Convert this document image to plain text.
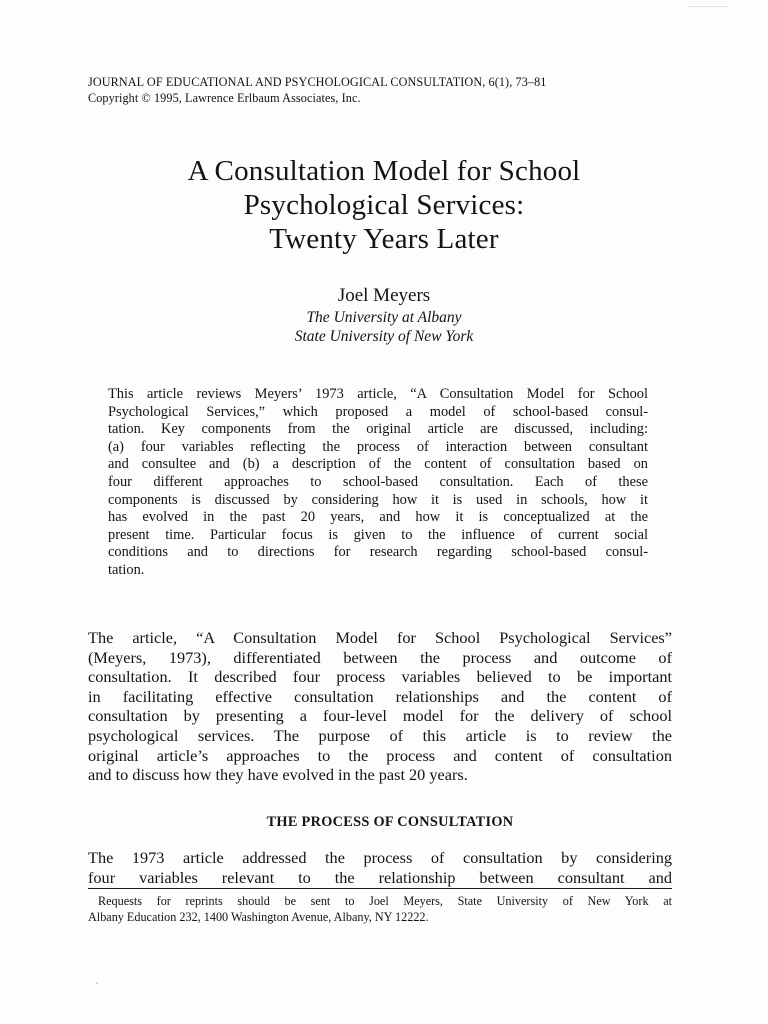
JOURNAL OF EDUCATIONAL AND PSYCHOLOGICAL CONSULTATION, 6(1), 73–81
Copyright © 1995, Lawrence Erlbaum Associates, Inc.
A Consultation Model for School
Psychological Services:
Twenty Years Later
Joel Meyers
The University at Albany
State University of New York
This article reviews Meyers’ 1973 article, “A Consultation Model for School
Psychological Services,” which proposed a model of school-based consul-
tation. Key components from the original article are discussed, including:
(a) four variables reflecting the process of interaction between consultant
and consultee and (b) a description of the content of consultation based on
four different approaches to school-based consultation. Each of these
components is discussed by considering how it is used in schools, how it
has evolved in the past 20 years, and how it is conceptualized at the
present time. Particular focus is given to the influence of current social
conditions and to directions for research regarding school-based consul-
tation.
The article, “A Consultation Model for School Psychological Services”
(Meyers, 1973), differentiated between the process and outcome of
consultation. It described four process variables believed to be important
in facilitating effective consultation relationships and the content of
consultation by presenting a four-level model for the delivery of school
psychological services. The purpose of this article is to review the
original article’s approaches to the process and content of consultation
and to discuss how they have evolved in the past 20 years.
THE PROCESS OF CONSULTATION
The 1973 article addressed the process of consultation by considering
four variables relevant to the relationship between consultant and
Requests for reprints should be sent to Joel Meyers, State University of New York at
Albany Education 232, 1400 Washington Avenue, Albany, NY 12222.
